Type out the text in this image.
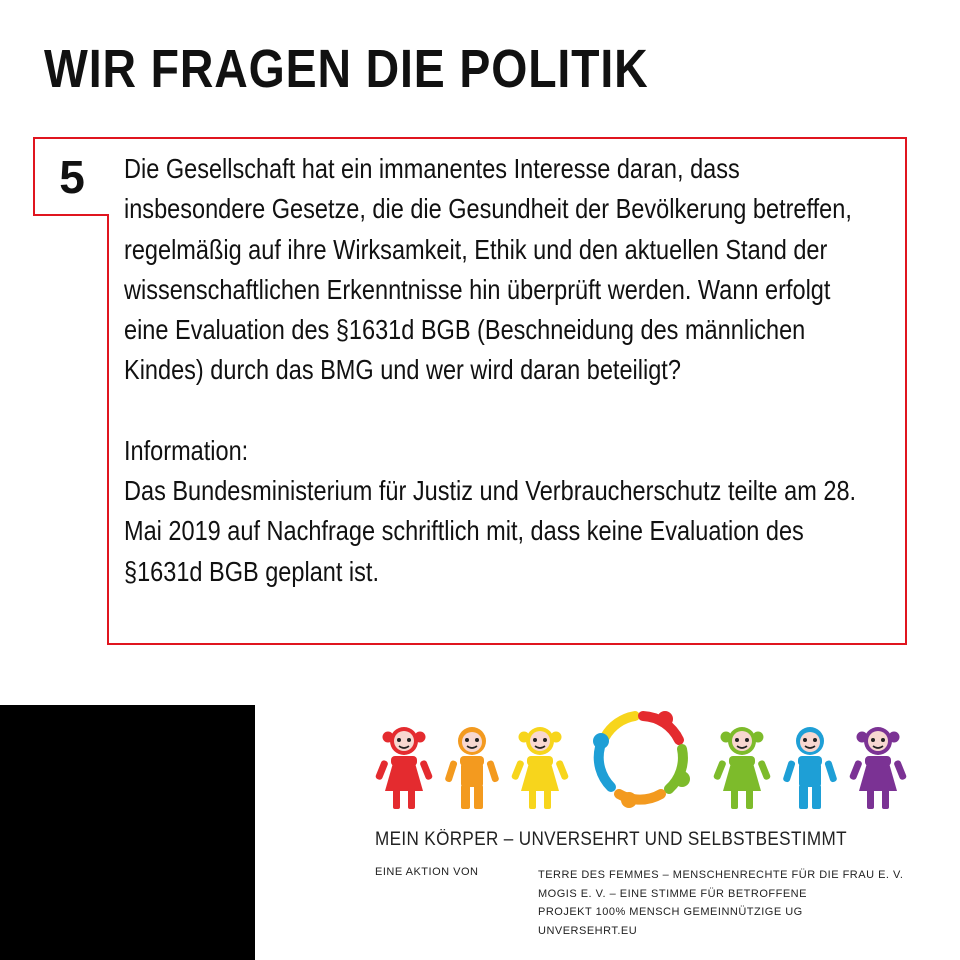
WIR FRAGEN DIE POLITIK
5	Die Gesellschaft hat ein immanentes Interesse daran, dass insbesondere Gesetze, die die Gesundheit der Bevölkerung betreffen, regelmäßig auf ihre Wirksamkeit, Ethik und den aktuellen Stand der wissenschaftlichen Erkenntnisse hin überprüft werden. Wann erfolgt eine Evaluation des §1631d BGB (Beschneidung des männlichen Kindes) durch das BMG und wer wird daran beteiligt?

Information:

Das Bundesministerium für Justiz und Verbraucherschutz teilte am 28. Mai 2019 auf Nachfrage schriftlich mit, dass keine Evaluation des §1631d BGB geplant ist.

MEIN KÖRPER – UNVERSEHRT UND SELBSTBESTIMMT
EINE AKTION VON	TERRE DES FEMMES – MENSCHENRECHTE FÜR DIE FRAU E. V.
MOGIS E. V. – EINE STIMME FÜR BETROFFENE
PROJEKT 100% MENSCH GEMEINNÜTZIGE UG
UNVERSEHRT.EU
